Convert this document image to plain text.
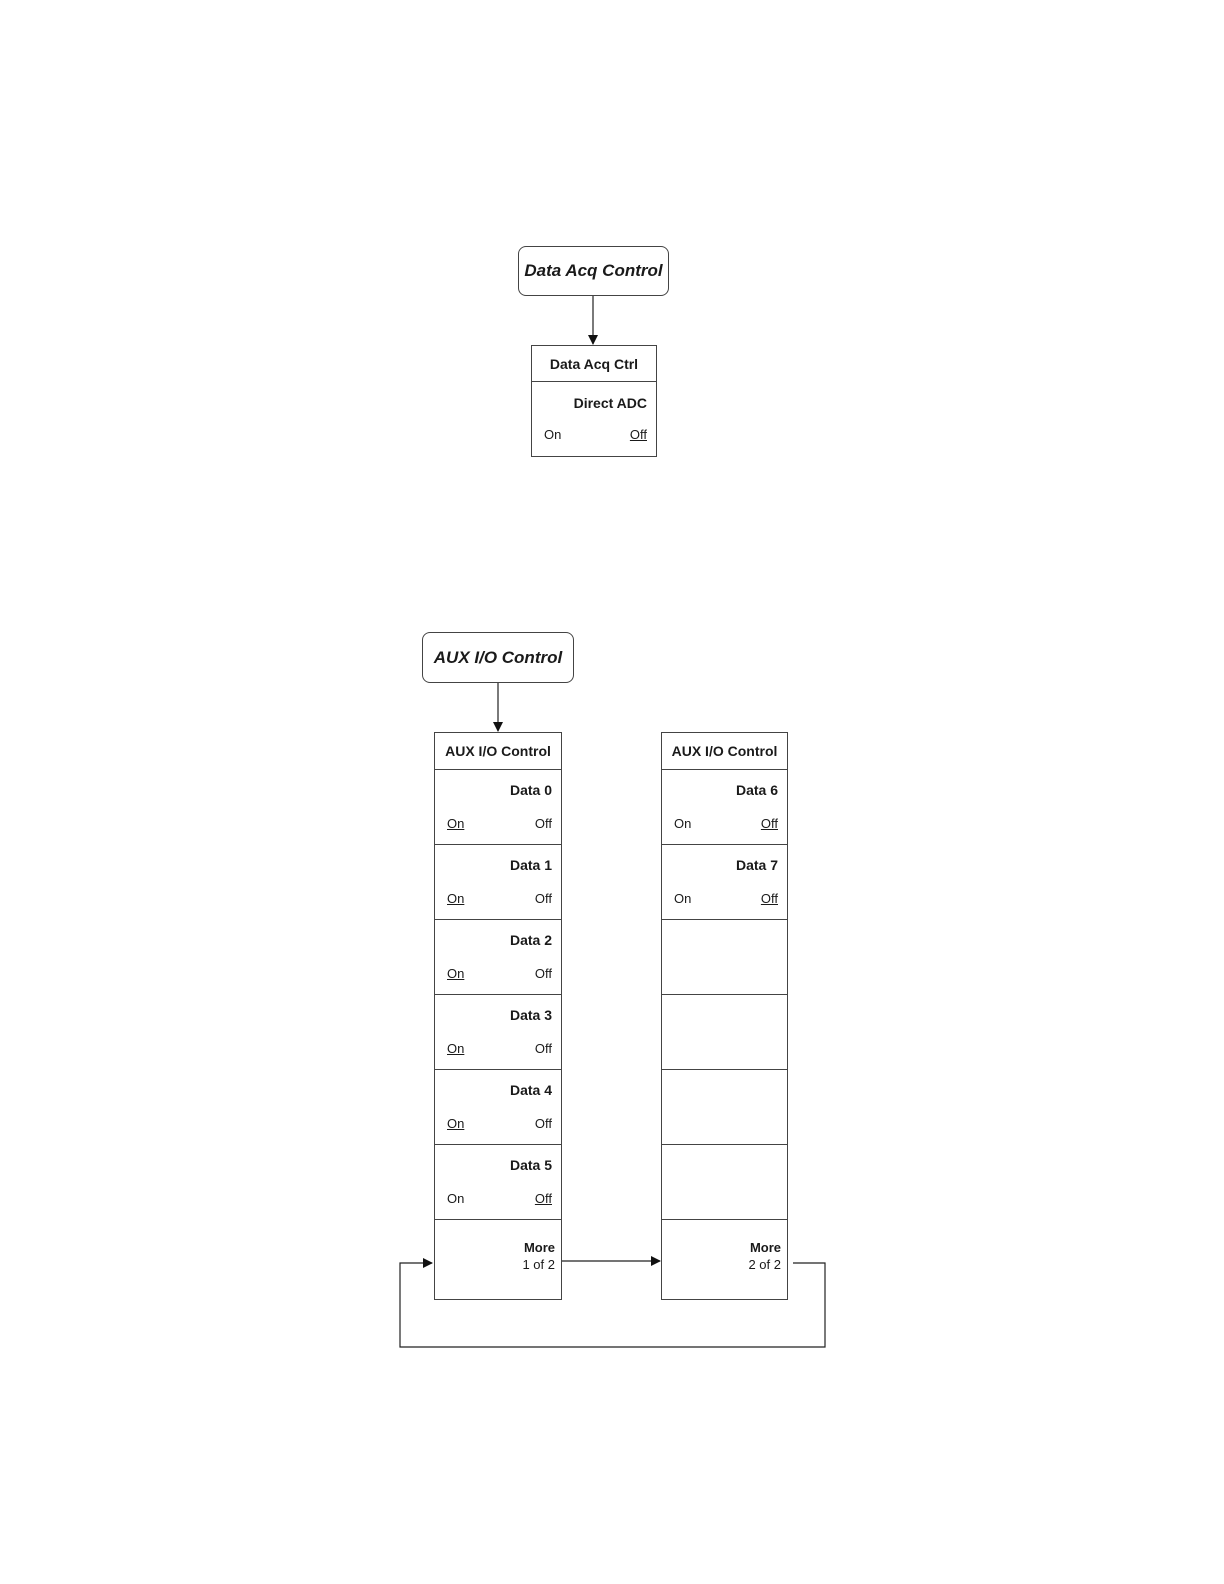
Data Acq Control
Data Acq Ctrl
Direct ADC
On	Off
AUX I/O Control
AUX I/O Control
Data 0
On	Off
Data 1
On	Off
Data 2
On	Off
Data 3
On	Off
Data 4
On	Off
Data 5
On	Off
More
1 of 2
AUX I/O Control
Data 6
On	Off
Data 7
On	Off
More
2 of 2
